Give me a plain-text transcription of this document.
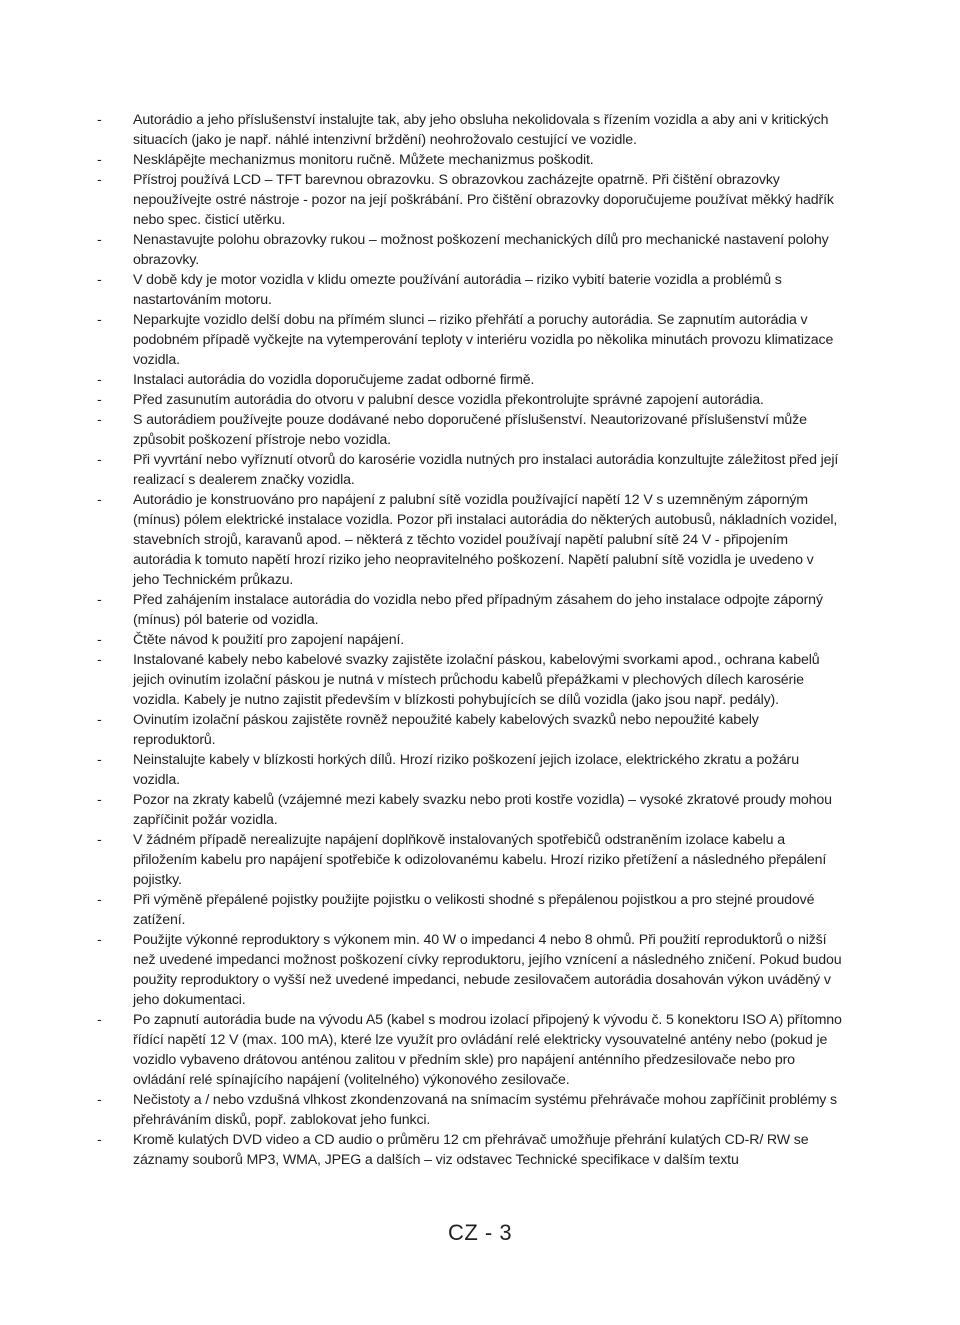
- Autorádio a jeho příslušenství instalujte tak, aby jeho obsluha nekolidovala s řízením vozidla a aby ani v kritických situacích (jako je např. náhlé intenzivní brždění) neohrožovalo cestující ve vozidle.
- Nesklápějte mechanizmus monitoru ručně. Můžete mechanizmus poškodit.
- Přístroj používá LCD – TFT barevnou obrazovku. S obrazovkou zacházejte opatrně. Při čištění obrazovky nepoužívejte ostré nástroje - pozor na její poškrábání. Pro čištění obrazovky doporučujeme používat měkký hadřík nebo spec. čisticí utěrku.
- Nenastavujte polohu obrazovky rukou – možnost poškození mechanických dílů pro mechanické nastavení polohy obrazovky.
- V době kdy je motor vozidla v klidu omezte používání autorádia – riziko vybití baterie vozidla a problémů s nastartováním motoru.
- Neparkujte vozidlo delší dobu na přímém slunci – riziko přehřátí a poruchy autorádia. Se zapnutím autorádia v podobném případě vyčkejte na vytemperování teploty v interiéru vozidla po několika minutách provozu klimatizace vozidla.
- Instalaci autorádia do vozidla doporučujeme zadat odborné firmě.
- Před zasunutím autorádia do otvoru v palubní desce vozidla překontrolujte správné zapojení autorádia.
- S autorádiem používejte pouze dodávané nebo doporučené příslušenství. Neautorizované příslušenství může způsobit poškození přístroje nebo vozidla.
- Při vyvrtání nebo vyříznutí otvorů do karosérie vozidla nutných pro instalaci autorádia konzultujte záležitost před její realizací s dealerem značky vozidla.
- Autorádio je konstruováno pro napájení z palubní sítě vozidla používající napětí 12 V s uzemněným záporným (mínus) pólem elektrické instalace vozidla. Pozor při instalaci autorádia do některých autobusů, nákladních vozidel, stavebních strojů, karavanů apod. – některá z těchto vozidel používají napětí palubní sítě 24 V - připojením autorádia k tomuto napětí hrozí riziko jeho neopravitelného poškození. Napětí palubní sítě vozidla je uvedeno v jeho Technickém průkazu.
- Před zahájením instalace autorádia do vozidla nebo před případným zásahem do jeho instalace odpojte záporný (mínus) pól baterie od vozidla.
- Čtěte návod k použití pro zapojení napájení.
- Instalované kabely nebo kabelové svazky zajistěte izolační páskou, kabelovými svorkami apod., ochrana kabelů jejich ovinutím izolační páskou je nutná v místech průchodu kabelů přepážkami v plechových dílech karosérie vozidla. Kabely je nutno zajistit především v blízkosti pohybujících se dílů vozidla (jako jsou např. pedály).
- Ovinutím izolační páskou zajistěte rovněž nepoužité kabely kabelových svazků nebo nepoužité kabely reproduktorů.
- Neinstalujte kabely v blízkosti horkých dílů. Hrozí riziko poškození jejich izolace, elektrického zkratu a požáru vozidla.
- Pozor na zkraty kabelů (vzájemné mezi kabely svazku nebo proti kostře vozidla) – vysoké zkratové proudy mohou zapříčinit požár vozidla.
- V žádném případě nerealizujte napájení doplňkově instalovaných spotřebičů odstraněním izolace kabelu a přiložením kabelu pro napájení spotřebiče k odizolovanému kabelu. Hrozí riziko přetížení a následného přepálení pojistky.
- Při výměně přepálené pojistky použijte pojistku o velikosti shodné s přepálenou pojistkou a pro stejné proudové zatížení.
- Použijte výkonné reproduktory s výkonem min. 40 W o impedanci 4 nebo 8 ohmů. Při použití reproduktorů o nižší než uvedené impedanci možnost poškození cívky reproduktoru, jejího vznícení a následného zničení. Pokud budou použity reproduktory o vyšší než uvedené impedanci, nebude zesilovačem autorádia dosahován výkon uváděný v jeho dokumentaci.
- Po zapnutí autorádia bude na vývodu A5 (kabel s modrou izolací připojený k vývodu č. 5 konektoru ISO A) přítomno řídící napětí 12 V (max. 100 mA), které lze využít pro ovládání relé elektricky vysouvatelné antény nebo (pokud je vozidlo vybaveno drátovou anténou zalitou v předním skle) pro napájení anténního předzesilovače nebo pro ovládání relé spínajícího napájení (volitelného) výkonového zesilovače.
- Nečistoty a / nebo vzdušná vlhkost zkondenzovaná na snímacím systému přehrávače mohou zapříčinit problémy s přehráváním disků, popř. zablokovat jeho funkci.
- Kromě kulatých DVD video a CD audio o průměru 12 cm přehrávač umožňuje přehrání kulatých CD-R/ RW se záznamy souborů MP3, WMA, JPEG a dalších – viz odstavec Technické specifikace v dalším textu
CZ - 3
